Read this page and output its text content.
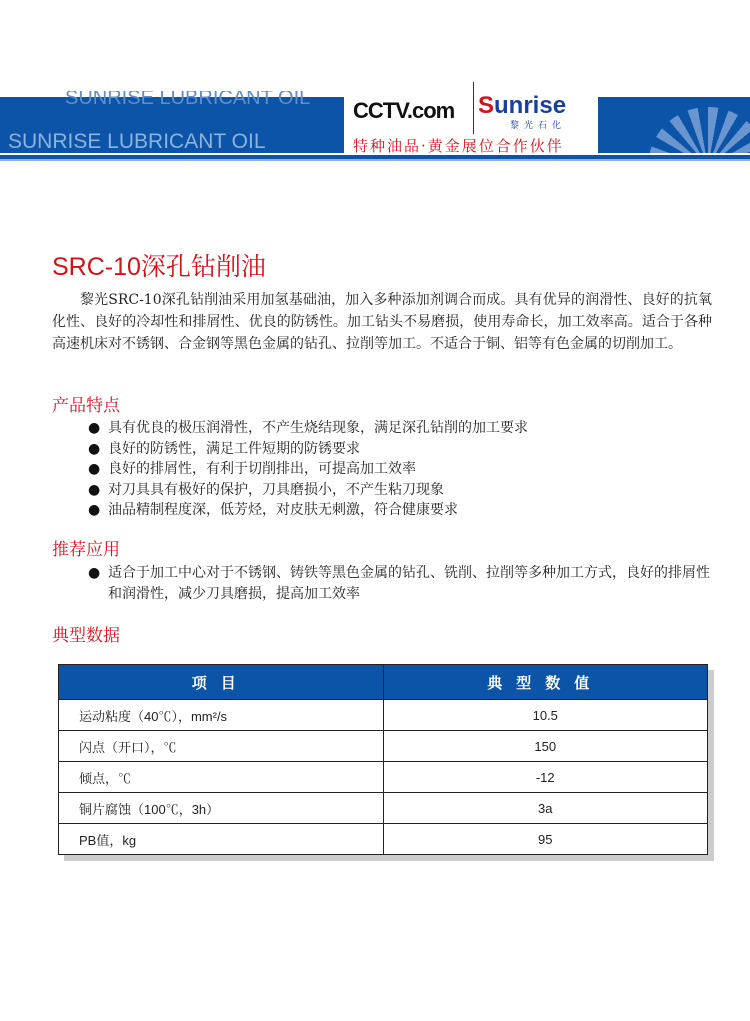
SUNRISE LUBRICANT OIL
SUNRISE LUBRICANT OIL
CCTV.com Sunrise
黎光石化
特种油品·黄金展位合作伙伴
SRC-10深孔钻削油
黎光SRC-10深孔钻削油采用加氢基础油，加入多种添加剂调合而成。具有优异的润滑性、良好的抗氧化性、良好的冷却性和排屑性、优良的防锈性。加工钻头不易磨损，使用寿命长，加工效率高。适合于各种高速机床对不锈钢、合金钢等黑色金属的钻孔、拉削等加工。不适合于铜、铝等有色金属的切削加工。
产品特点
● 具有优良的极压润滑性，不产生烧结现象，满足深孔钻削的加工要求
● 良好的防锈性，满足工件短期的防锈要求
● 良好的排屑性，有利于切削排出，可提高加工效率
● 对刀具具有极好的保护，刀具磨损小，不产生粘刀现象
● 油品精制程度深，低芳烃，对皮肤无刺激，符合健康要求
推荐应用
● 适合于加工中心对于不锈钢、铸铁等黑色金属的钻孔、铣削、拉削等多种加工方式，良好的排屑性和润滑性，减少刀具磨损，提高加工效率
典型数据
项目	典型数值
运动粘度（40℃），mm²/s	10.5
闪点（开口），℃	150
倾点，℃	-12
铜片腐蚀（100℃，3h）	3a
PB值，kg	95
